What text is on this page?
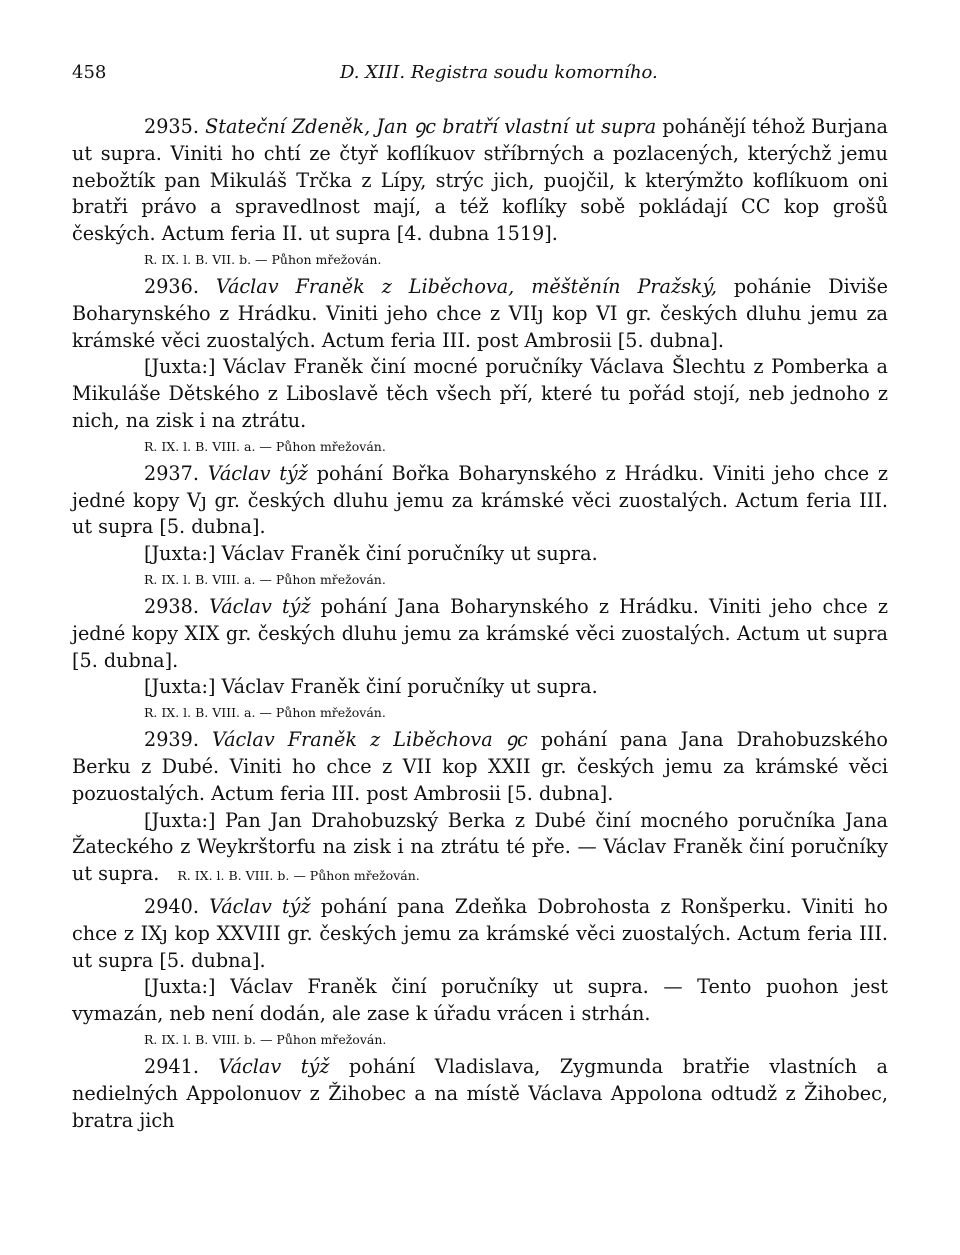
458	D. XIII. Registra soudu komorního.

2935. Stateční Zdeněk, Jan ꝯc bratří vlastní ut supra pohánějí téhož Burjana ut supra. Viniti ho chtí ze čtyř koflíkuov stříbrných a pozlacených, kterýchž jemu nebožtík pan Mikuláš Trčka z Lípy, strýc jich, puojčil, k kterýmžto koflíkuom oni bratři právo a spravedlnost mají, a též koflíky sobě pokládají CC kop grošů českých. Actum feria II. ut supra [4. dubna 1519].

R. IX. l. B. VII. b. — Půhon mřežován.

2936. Václav Franěk z Liběchova, měštěnín Pražský, pohánie Diviše Boharynského z Hrádku. Viniti jeho chce z VIIȷ kop VI gr. českých dluhu jemu za krámské věci zuostalých. Actum feria III. post Ambrosii [5. dubna].

[Juxta:] Václav Franěk činí mocné poručníky Václava Šlechtu z Pomberka a Mikuláše Dětského z Liboslavě těch všech pří, které tu pořád stojí, neb jednoho z nich, na zisk i na ztrátu.

R. IX. l. B. VIII. a. — Půhon mřežován.

2937. Václav týž pohání Bořka Boharynského z Hrádku. Viniti jeho chce z jedné kopy Vȷ gr. českých dluhu jemu za krámské věci zuostalých. Actum feria III. ut supra [5. dubna].

[Juxta:] Václav Franěk činí poručníky ut supra.

R. IX. l. B. VIII. a. — Půhon mřežován.

2938. Václav týž pohání Jana Boharynského z Hrádku. Viniti jeho chce z jedné kopy XIX gr. českých dluhu jemu za krámské věci zuostalých. Actum ut supra [5. dubna].

[Juxta:] Václav Franěk činí poručníky ut supra.

R. IX. l. B. VIII. a. — Půhon mřežován.

2939. Václav Franěk z Liběchova ꝯc pohání pana Jana Drahobuzského Berku z Dubé. Viniti ho chce z VII kop XXII gr. českých jemu za krámské věci pozuostalých. Actum feria III. post Ambrosii [5. dubna].

[Juxta:] Pan Jan Drahobuzský Berka z Dubé činí mocného poručníka Jana Žateckého z Weykrštorfu na zisk i na ztrátu té pře. — Václav Franěk činí poručníky ut supra. R. IX. l. B. VIII. b. — Půhon mřežován.

2940. Václav týž pohání pana Zdeňka Dobrohosta z Ronšperku. Viniti ho chce z IXȷ kop XXVIII gr. českých jemu za krámské věci zuostalých. Actum feria III. ut supra [5. dubna].

[Juxta:] Václav Franěk činí poručníky ut supra. — Tento puohon jest vymazán, neb není dodán, ale zase k úřadu vrácen i strhán.

R. IX. l. B. VIII. b. — Půhon mřežován.

2941. Václav týž pohání Vladislava, Zygmunda bratřie vlastních a nedielných Appolonuov z Žihobec a na místě Václava Appolona odtudž z Žihobec, bratra jich
